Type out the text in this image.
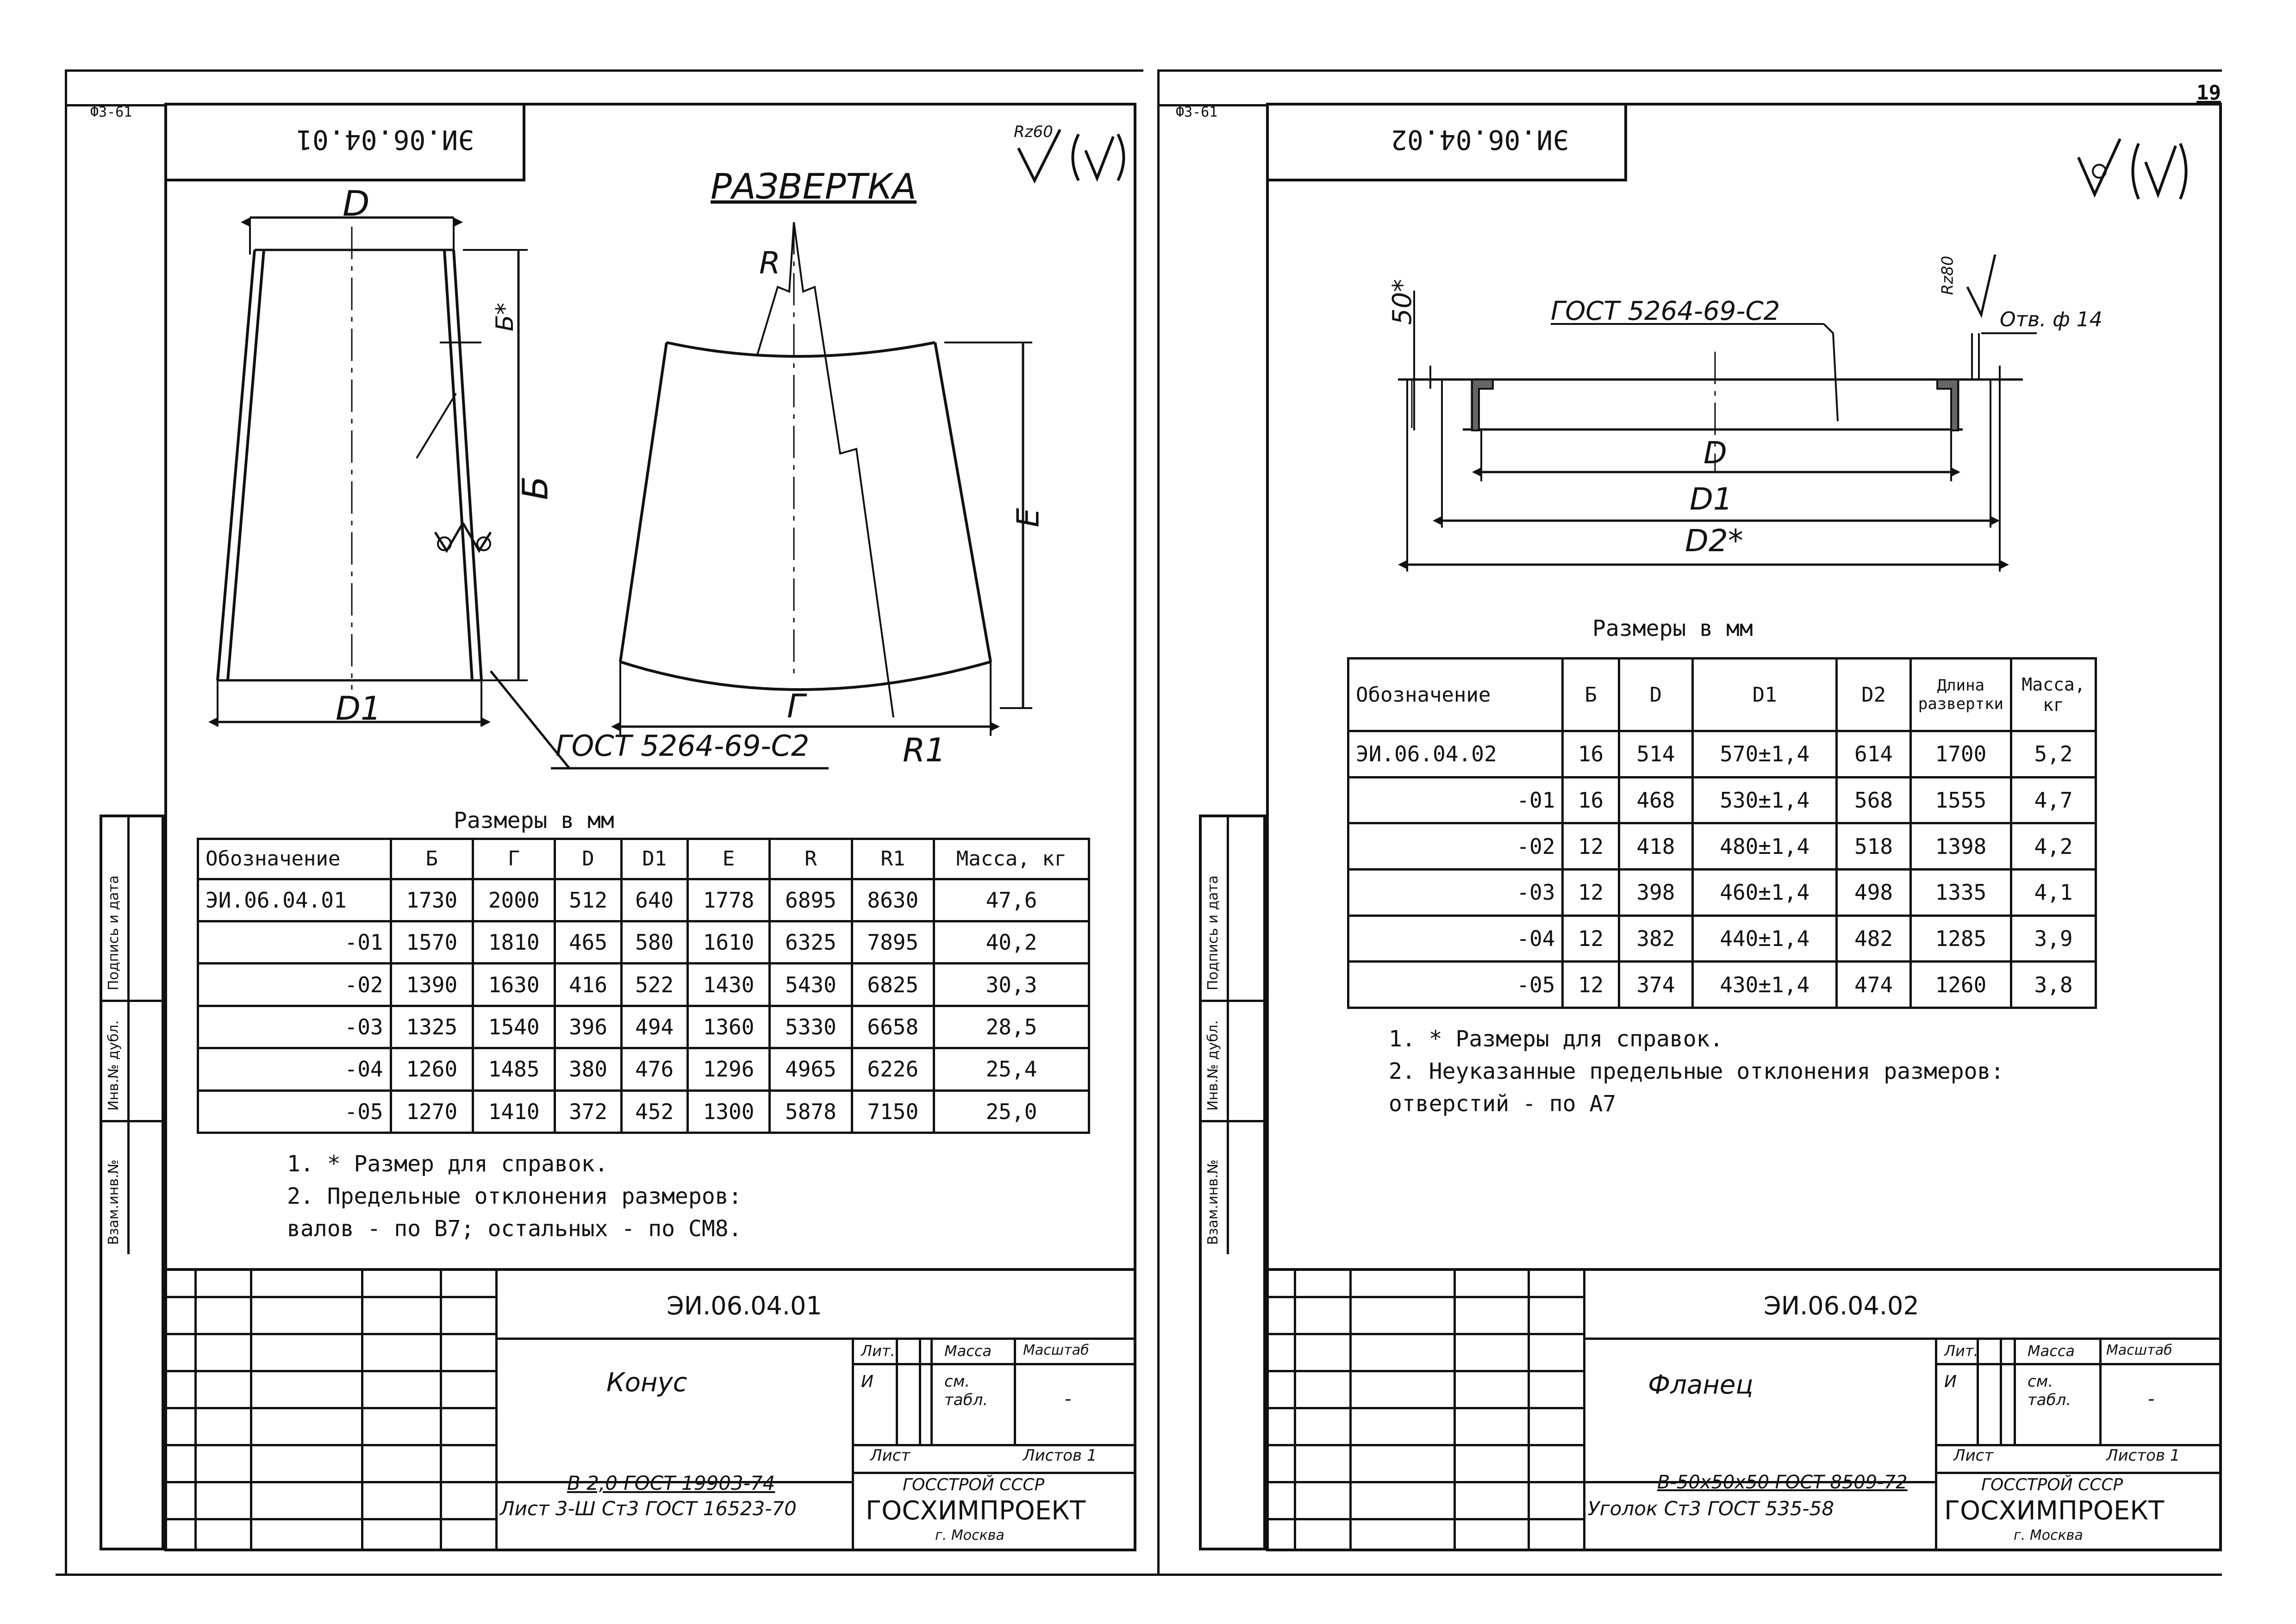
Ф3-61
ЭИ.06.04.01	Rz60
РАЗВЕРТКА
D
Б*
Б
D1
R
E
Г
R1
ГОСТ 5264-69-С2
Размеры в мм
Обозначение	Б	Г	D	D1	Е	R	R1	Масса, кг
ЭИ.06.04.01	1730	2000	512	640	1778	6895	8630	47,6
-01	1570	1810	465	580	1610	6325	7895	40,2
-02	1390	1630	416	522	1430	5430	6825	30,3
-03	1325	1540	396	494	1360	5330	6658	28,5
-04	1260	1485	380	476	1296	4965	6226	25,4
-05	1270	1410	372	452	1300	5878	7150	25,0
1. * Размер для справок.
2. Предельные отклонения размеров:
валов - по В7; остальных - по СМ8.
Подпись и дата
Инв.№ дубл.
Взам.инв.№
ЭИ.06.04.01
Конус
Лит.	Масса Масштаб
И	см. табл.	-
Лист	Листов 1
В 2,0 ГОСТ 19903-74
Лист 3-Ш Ст3 ГОСТ 16523-70
ГОССТРОЙ СССР
ГОСХИМПРОЕКТ
г. Москва
Ф3-61
19
ЭИ.06.04.02
50*	ГОСТ 5264-69-С2
Rz80
Отв. ф 14
D
D1
D2*
Размеры в мм
Обозначение	Б	D	D1	D2	Длина развертки	Масса, кг
ЭИ.06.04.02	16	514	570±1,4	614	1700	5,2
-01	16	468	530±1,4	568	1555	4,7
-02	12	418	480±1,4	518	1398	4,2
-03	12	398	460±1,4	498	1335	4,1
-04	12	382	440±1,4	482	1285	3,9
-05	12	374	430±1,4	474	1260	3,8
1. * Размеры для справок.
2. Неуказанные предельные отклонения размеров:
отверстий - по А7
Подпись и дата
Инв.№ дубл.
Взам.инв.№
ЭИ.06.04.02
Фланец
Лит.	Масса Масштаб
И	см. табл.	-
Лист	Листов 1
В-50х50х50 ГОСТ 8509-72
Уголок Ст3 ГОСТ 535-58
ГОССТРОЙ СССР
ГОСХИМПРОЕКТ
г. Москва
